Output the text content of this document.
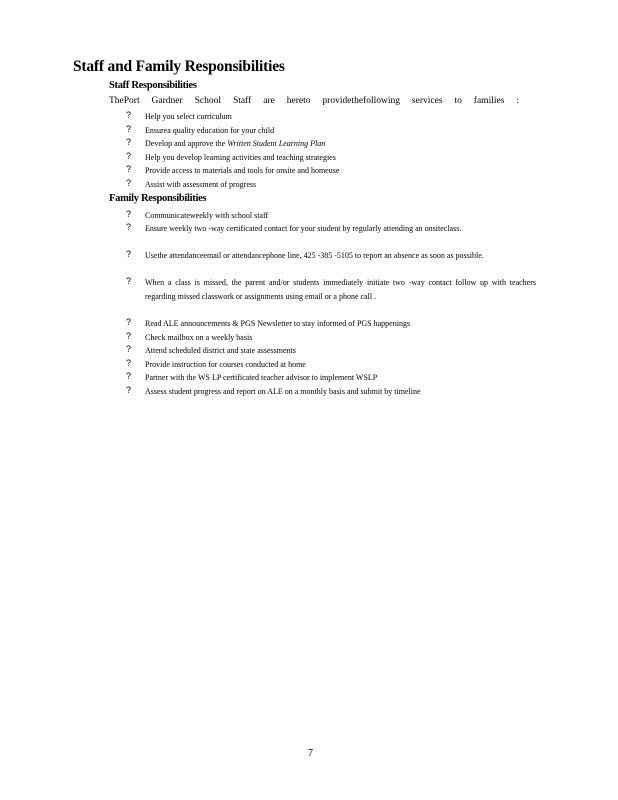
Staff and Family Responsibilities
Staff Responsibilities
ThePort Gardner School Staff are hereto providethefollowing services to families :
? Help you select curriculum
? Ensurea quality education for your child
? Develop and approve the Written Student Learning Plan
? Help you develop learning activities and teaching strategies
? Provide access to materials and tools for onsite and homeuse
? Assist with assessment of progress
Family Responsibilities
? Communicateweekly with school staff
? Ensure weekly two -way certificated contact for your student by regularly attending an onsiteclass.
? Usethe attendanceemail or attendancephone line, 425 -385 -5105 to report an absence as soon as possible.
? When a class is missed, the parent and/or students immediately initiate two -way contact follow up with teachers regarding missed classwork or assignments using email or a phone call .
? Read ALE announcements & PGS Newsletter to stay informed of PGS happenings
? Check mailbox on a weekly basis
? Attend scheduled district and state assessments
? Provide instruction for courses conducted at home
? Partner with the WS LP certificated teacher advisor to implement WSLP
? Assess student progress and report on ALE on a monthly basis and submit by timeline
7
